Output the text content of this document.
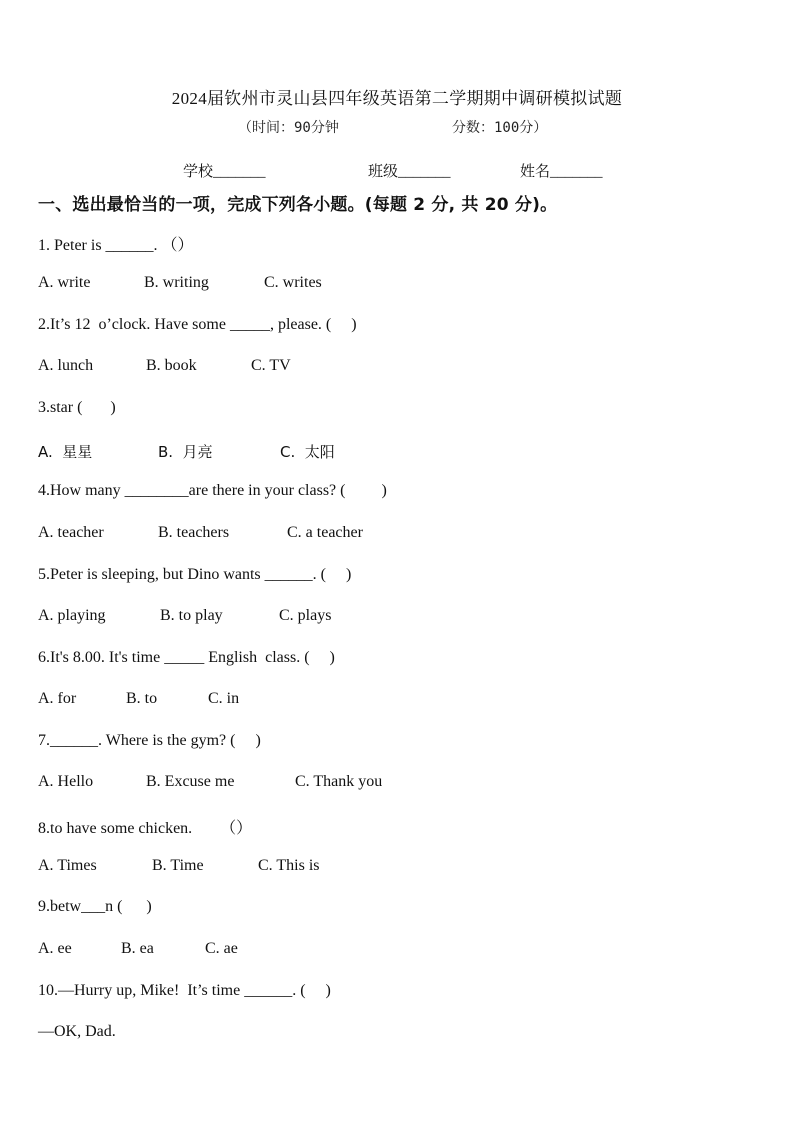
2024届钦州市灵山县四年级英语第二学期期中调研模拟试题
（时间：90分钟	分数：100分）
学校_______	班级_______	姓名_______
一、选出最恰当的一项，完成下列各小题。(每题 2 分, 共 20 分)。
1. Peter is ______. （）
A. write	B. writing	C. writes
2.It’s 12  o’clock. Have some _____, please. (     )
A. lunch	B. book	C. TV
3.star (       )
A.  星星	B.  月亮	C.  太阳
4.How many ________are there in your class? (         )
A. teacher	B. teachers	C. a teacher
5.Peter is sleeping, but Dino wants ______. (     )
A. playing	B. to play	C. plays
6.It's 8.00. It's time _____ English  class. (     )
A. for	B. to	C. in
7.______. Where is the gym? (     )
A. Hello	B. Excuse me	C. Thank you
8.to have some chicken.       （）
A. Times	B. Time	C. This is
9.betw___n (      )
A. ee	B. ea	C. ae
10.—Hurry up, Mike!  It’s time ______. (     )
—OK, Dad.
